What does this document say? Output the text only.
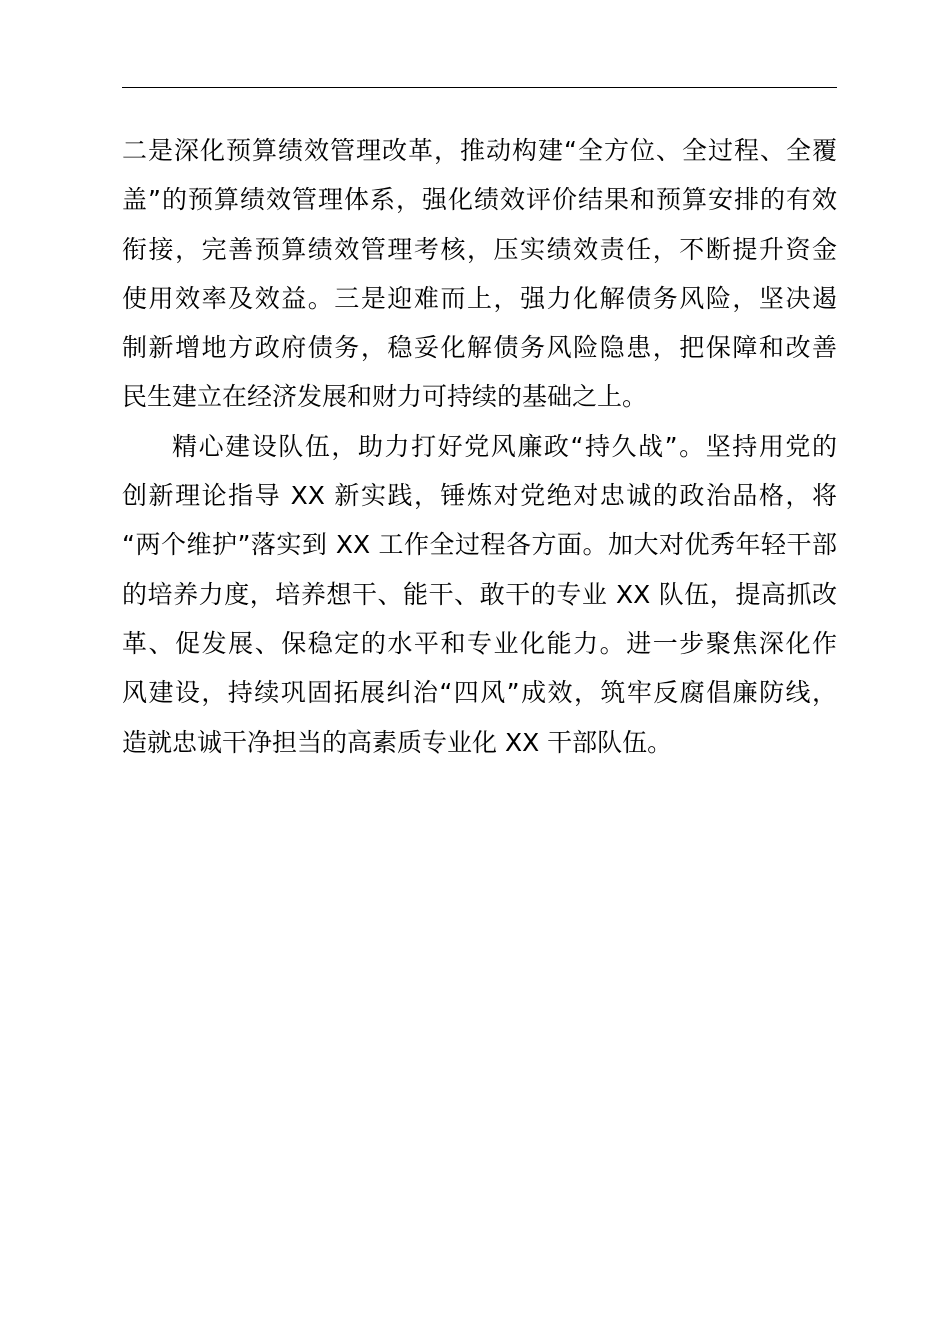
二是深化预算绩效管理改革，推动构建“全方位、全过程、全覆
盖”的预算绩效管理体系，强化绩效评价结果和预算安排的有效
衔接，完善预算绩效管理考核，压实绩效责任，不断提升资金
使用效率及效益。三是迎难而上，强力化解债务风险，坚决遏
制新增地方政府债务，稳妥化解债务风险隐患，把保障和改善
民生建立在经济发展和财力可持续的基础之上。

精心建设队伍，助力打好党风廉政“持久战”。坚持用党的
创新理论指导 XX 新实践，锤炼对党绝对忠诚的政治品格，将
“两个维护”落实到 XX 工作全过程各方面。加大对优秀年轻干部
的培养力度，培养想干、能干、敢干的专业 XX 队伍，提高抓改
革、促发展、保稳定的水平和专业化能力。进一步聚焦深化作
风建设，持续巩固拓展纠治“四风”成效，筑牢反腐倡廉防线，
造就忠诚干净担当的高素质专业化 XX 干部队伍。
